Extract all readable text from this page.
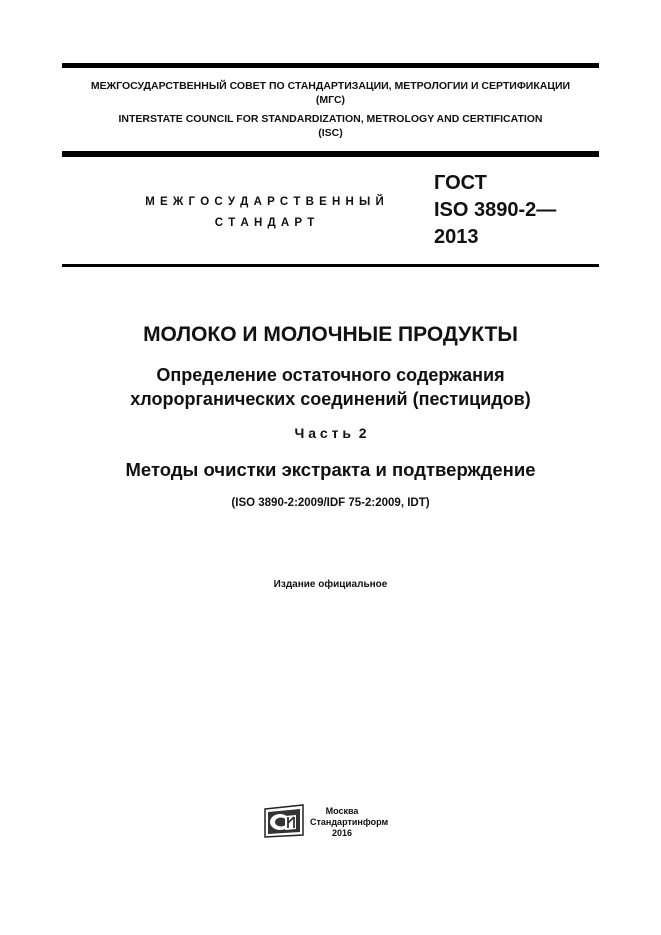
МЕЖГОСУДАРСТВЕННЫЙ СОВЕТ ПО СТАНДАРТИЗАЦИИ, МЕТРОЛОГИИ И СЕРТИФИКАЦИИ
(МГС)
INTERSTATE COUNCIL FOR STANDARDIZATION, METROLOGY AND CERTIFICATION
(ISC)
М Е Ж Г О С У Д А Р С Т В Е Н Н Ы Й
С Т А Н Д А Р Т
ГОСТ
ISO 3890-2—
2013
МОЛОКО И МОЛОЧНЫЕ ПРОДУКТЫ
Определение остаточного содержания
хлорорганических соединений (пестицидов)
Ч а с т ь  2
Методы очистки экстракта и подтверждение
(ISO 3890-2:2009/IDF 75-2:2009, IDT)
Издание официальное
Москва
Стандартинформ
2016
